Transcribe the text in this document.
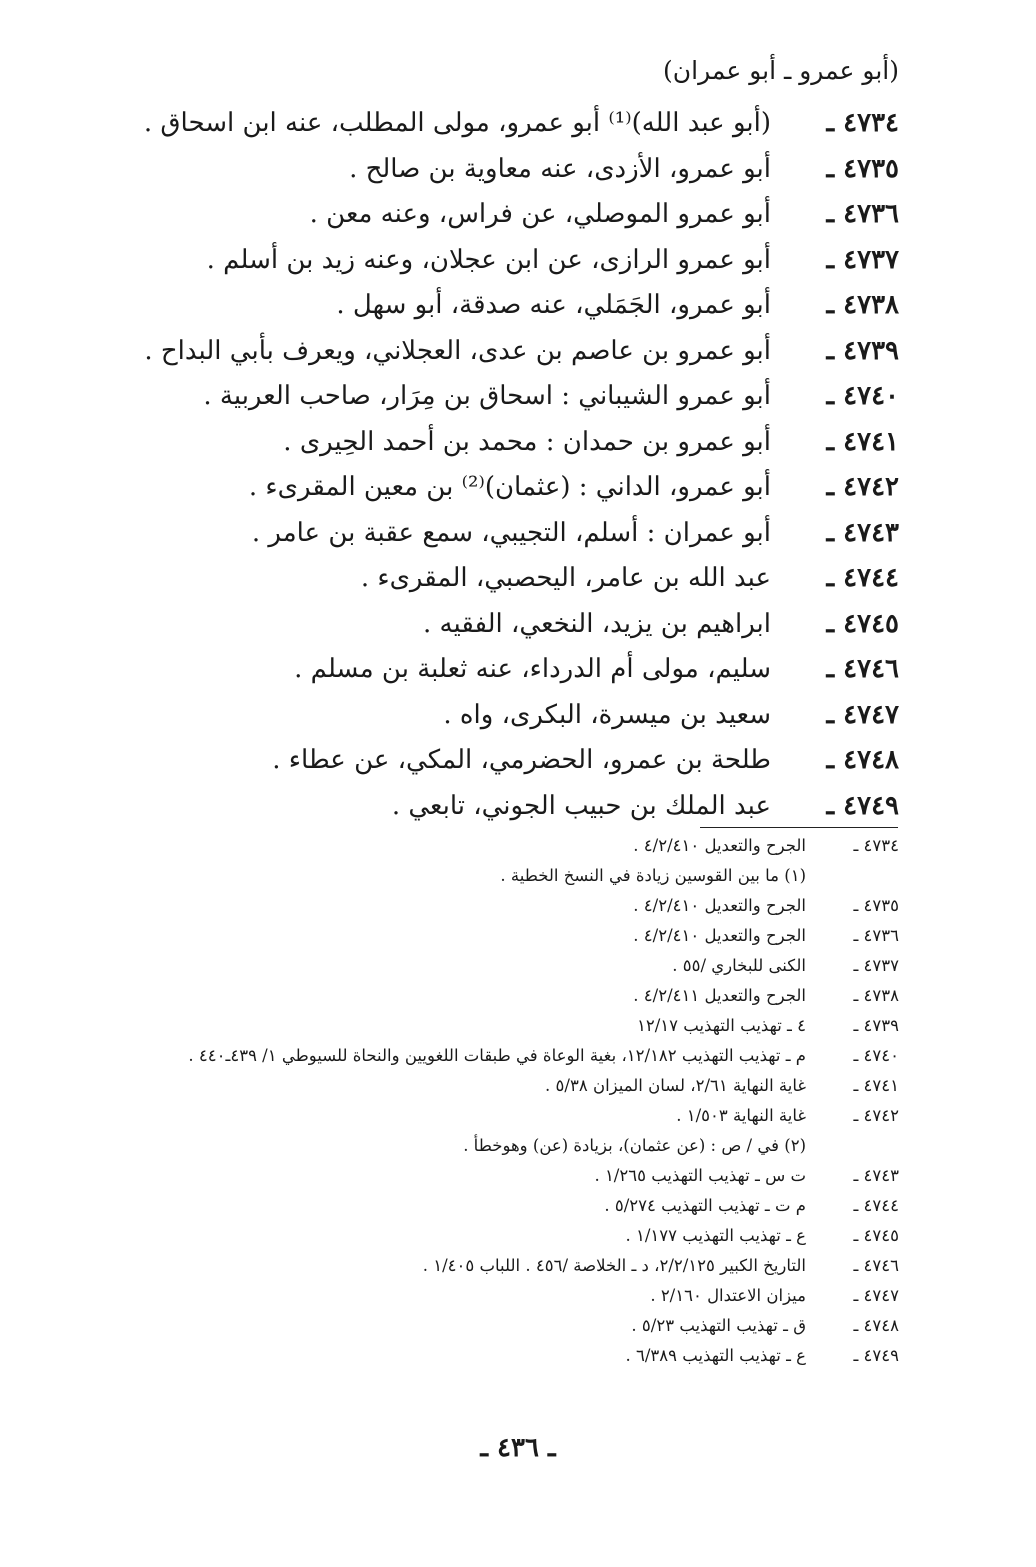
(أبو عمرو ـ أبو عمران)
٤٧٣٤ ـ
(أبو عبد الله)⁽¹⁾ أبو عمرو، مولى المطلب، عنه ابن اسحاق .
٤٧٣٥ ـ
أبو عمرو، الأزدى، عنه معاوية بن صالح .
٤٧٣٦ ـ
أبو عمرو الموصلي، عن فراس، وعنه معن .
٤٧٣٧ ـ
أبو عمرو الرازى، عن ابن عجلان، وعنه زيد بن أسلم .
٤٧٣٨ ـ
أبو عمرو، الجَمَلي، عنه صدقة، أبو سهل .
٤٧٣٩ ـ
أبو عمرو بن عاصم بن عدى، العجلاني، ويعرف بأبي البداح .
٤٧٤٠ ـ
أبو عمرو الشيباني : اسحاق بن مِرَار، صاحب العربية .
٤٧٤١ ـ
أبو عمرو بن حمدان : محمد بن أحمد الحِيرى .
٤٧٤٢ ـ
أبو عمرو، الداني : (عثمان)⁽²⁾ بن معين المقرىء .
٤٧٤٣ ـ
أبو عمران : أسلم، التجيبي، سمع عقبة بن عامر .
٤٧٤٤ ـ
عبد الله بن عامر، اليحصبي، المقرىء .
٤٧٤٥ ـ
ابراهيم بن يزيد، النخعي، الفقيه .
٤٧٤٦ ـ
سليم، مولى أم الدرداء، عنه ثعلبة بن مسلم .
٤٧٤٧ ـ
سعيد بن ميسرة، البكرى، واه .
٤٧٤٨ ـ
طلحة بن عمرو، الحضرمي، المكي، عن عطاء .
٤٧٤٩ ـ
عبد الملك بن حبيب الجوني، تابعي .
٤٧٣٤ ـ
الجرح والتعديل ٤/٢/٤١٠ .
(١) ما بين القوسين زيادة في النسخ الخطية .
٤٧٣٥ ـ
الجرح والتعديل ٤/٢/٤١٠ .
٤٧٣٦ ـ
الجرح والتعديل ٤/٢/٤١٠ .
٤٧٣٧ ـ
الكنى للبخاري /٥٥ .
٤٧٣٨ ـ
الجرح والتعديل ٤/٢/٤١١ .
٤٧٣٩ ـ
٤ ـ تهذيب التهذيب ١٢/١٧
٤٧٤٠ ـ
م ـ تهذيب التهذيب ١٢/١٨٢، بغية الوعاة في طبقات اللغويين والنحاة للسيوطي ١/ ٤٣٩ـ٤٤٠ .
٤٧٤١ ـ
غاية النهاية ٢/٦١، لسان الميزان ٥/٣٨ .
٤٧٤٢ ـ
غاية النهاية ١/٥٠٣ .
(٢) في / ص : (عن عثمان)، بزيادة (عن) وهوخطأ .
٤٧٤٣ ـ
ت س ـ تهذيب التهذيب ١/٢٦٥ .
٤٧٤٤ ـ
م ت ـ تهذيب التهذيب ٥/٢٧٤ .
٤٧٤٥ ـ
ع ـ تهذيب التهذيب ١/١٧٧ .
٤٧٤٦ ـ
التاريخ الكبير ٢/٢/١٢٥، د ـ الخلاصة /٤٥٦ . اللباب ١/٤٠٥ .
٤٧٤٧ ـ
ميزان الاعتدال ٢/١٦٠ .
٤٧٤٨ ـ
ق ـ تهذيب التهذيب ٥/٢٣ .
٤٧٤٩ ـ
ع ـ تهذيب التهذيب ٦/٣٨٩ .
ـ ٤٣٦ ـ
